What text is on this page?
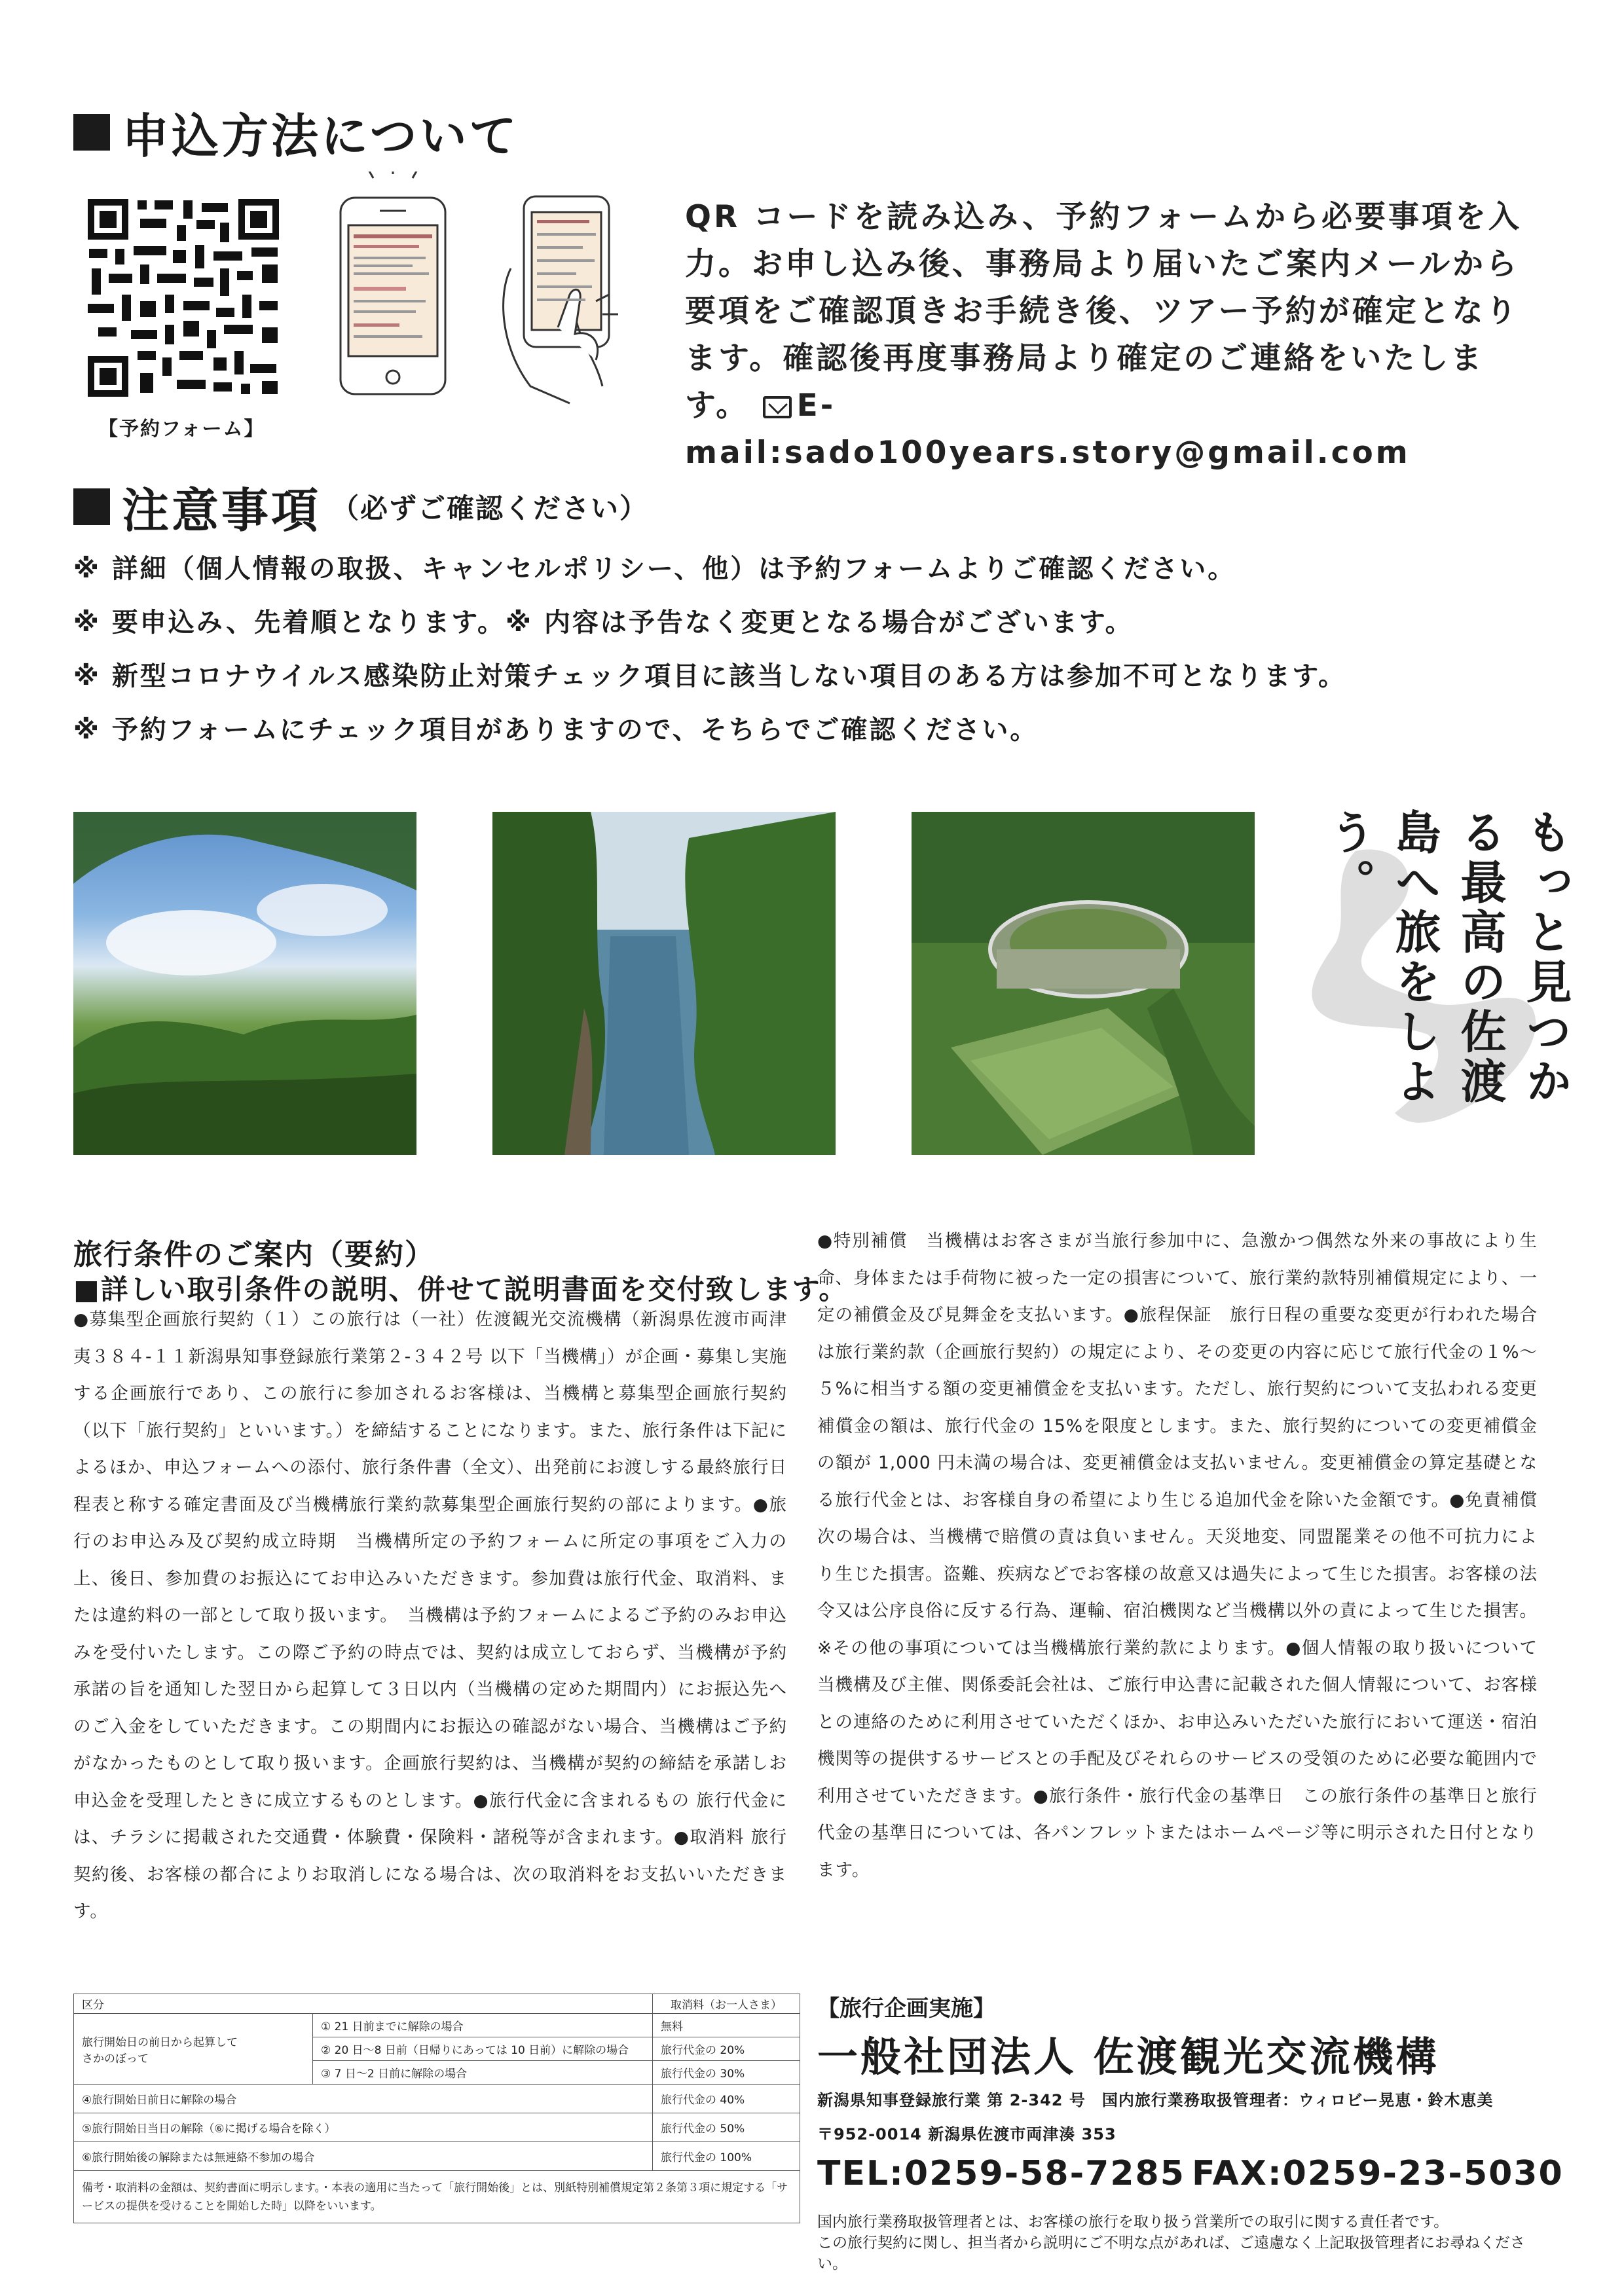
申込方法について
【予約フォーム】
QR コードを読み込み、予約フォームから必要事項を入力。お申し込み後、事務局より届いたご案内メールから要項をご確認頂きお手続き後、ツアー予約が確定となります。確認後再度事務局より確定のご連絡をいたします。 E-mail:sado100years.story@gmail.com
注意事項 （必ずご確認ください）
※ 詳細（個人情報の取扱、キャンセルポリシー、他）は予約フォームよりご確認ください。
※ 要申込み、先着順となります。※ 内容は予告なく変更となる場合がございます。
※ 新型コロナウイルス感染防止対策チェック項目に該当しない項目のある方は参加不可となります。
※ 予約フォームにチェック項目がありますので、そちらでご確認ください。
もっと見つかる最高の佐渡島へ旅をしよう。
旅行条件のご案内（要約）
■詳しい取引条件の説明、併せて説明書面を交付致します。
●募集型企画旅行契約（１）この旅行は（一社）佐渡観光交流機構（新潟県佐渡市両津夷３８４-１１新潟県知事登録旅行業第２-３４２号 以下「当機構」）が企画・募集し実施する企画旅行であり、この旅行に参加されるお客様は、当機構と募集型企画旅行契約（以下「旅行契約」といいます。）を締結することになります。また、旅行条件は下記によるほか、申込フォームへの添付、旅行条件書（全文）、出発前にお渡しする最終旅行日程表と称する確定書面及び当機構旅行業約款募集型企画旅行契約の部によります。●旅行のお申込み及び契約成立時期　当機構所定の予約フォームに所定の事項をご入力の上、後日、参加費のお振込にてお申込みいただきます。参加費は旅行代金、取消料、または違約料の一部として取り扱います。　当機構は予約フォームによるご予約のみお申込みを受付いたします。この際ご予約の時点では、契約は成立しておらず、当機構が予約承諾の旨を通知した翌日から起算して３日以内（当機構の定めた期間内）にお振込先へのご入金をしていただきます。この期間内にお振込の確認がない場合、当機構はご予約がなかったものとして取り扱います。企画旅行契約は、当機構が契約の締結を承諾しお申込金を受理したときに成立するものとします。●旅行代金に含まれるもの 旅行代金には、チラシに掲載された交通費・体験費・保険料・諸税等が含まれます。●取消料 旅行契約後、お客様の都合によりお取消しになる場合は、次の取消料をお支払いいただきます。
●特別補償　当機構はお客さまが当旅行参加中に、急激かつ偶然な外来の事故により生命、身体または手荷物に被った一定の損害について、旅行業約款特別補償規定により、一定の補償金及び見舞金を支払います。●旅程保証　旅行日程の重要な変更が行われた場合は旅行業約款（企画旅行契約）の規定により、その変更の内容に応じて旅行代金の１%～５%に相当する額の変更補償金を支払います。ただし、旅行契約について支払われる変更補償金の額は、旅行代金の 15%を限度とします。また、旅行契約についての変更補償金の額が 1,000 円未満の場合は、変更補償金は支払いません。変更補償金の算定基礎となる旅行代金とは、お客様自身の希望により生じる追加代金を除いた金額です。●免責補償　次の場合は、当機構で賠償の責は負いません。天災地変、同盟罷業その他不可抗力により生じた損害。盗難、疾病などでお客様の故意又は過失によって生じた損害。お客様の法令又は公序良俗に反する行為、運輸、宿泊機関など当機構以外の責によって生じた損害。※その他の事項については当機構旅行業約款によります。●個人情報の取り扱いについて　当機構及び主催、関係委託会社は、ご旅行申込書に記載された個人情報について、お客様との連絡のために利用させていただくほか、お申込みいただいた旅行において運送・宿泊機関等の提供するサービスとの手配及びそれらのサービスの受領のために必要な範囲内で利用させていただきます。●旅行条件・旅行代金の基準日　この旅行条件の基準日と旅行代金の基準日については、各パンフレットまたはホームページ等に明示された日付となります。
区分		取消料（お一人さま）
旅行開始日の前日から起算して
さかのぼって	① 21 日前までに解除の場合	無料
	② 20 日～8 日前（日帰りにあっては 10 日前）に解除の場合	旅行代金の 20%
	③ 7 日～2 日前に解除の場合	旅行代金の 30%
④旅行開始日前日に解除の場合		旅行代金の 40%
⑤旅行開始日当日の解除（⑥に掲げる場合を除く）		旅行代金の 50%
⑥旅行開始後の解除または無連絡不参加の場合		旅行代金の 100%
備考・取消料の金額は、契約書面に明示します。・本表の適用に当たって「旅行開始後」とは、別紙特別補償規定第２条第３項に規定する「サービスの提供を受けることを開始した時」以降をいいます。		
【旅行企画実施】
一般社団法人 佐渡観光交流機構
新潟県知事登録旅行業 第 2-342 号　国内旅行業務取扱管理者：ウィロビー晃恵・鈴木恵美
〒952-0014 新潟県佐渡市両津湊 353
TEL:0259-58-7285 FAX:0259-23-5030
国内旅行業務取扱管理者とは、お客様の旅行を取り扱う営業所での取引に関する責任者です。
この旅行契約に関し、担当者から説明にご不明な点があれば、ご遠慮なく上記取扱管理者にお尋ねください。
